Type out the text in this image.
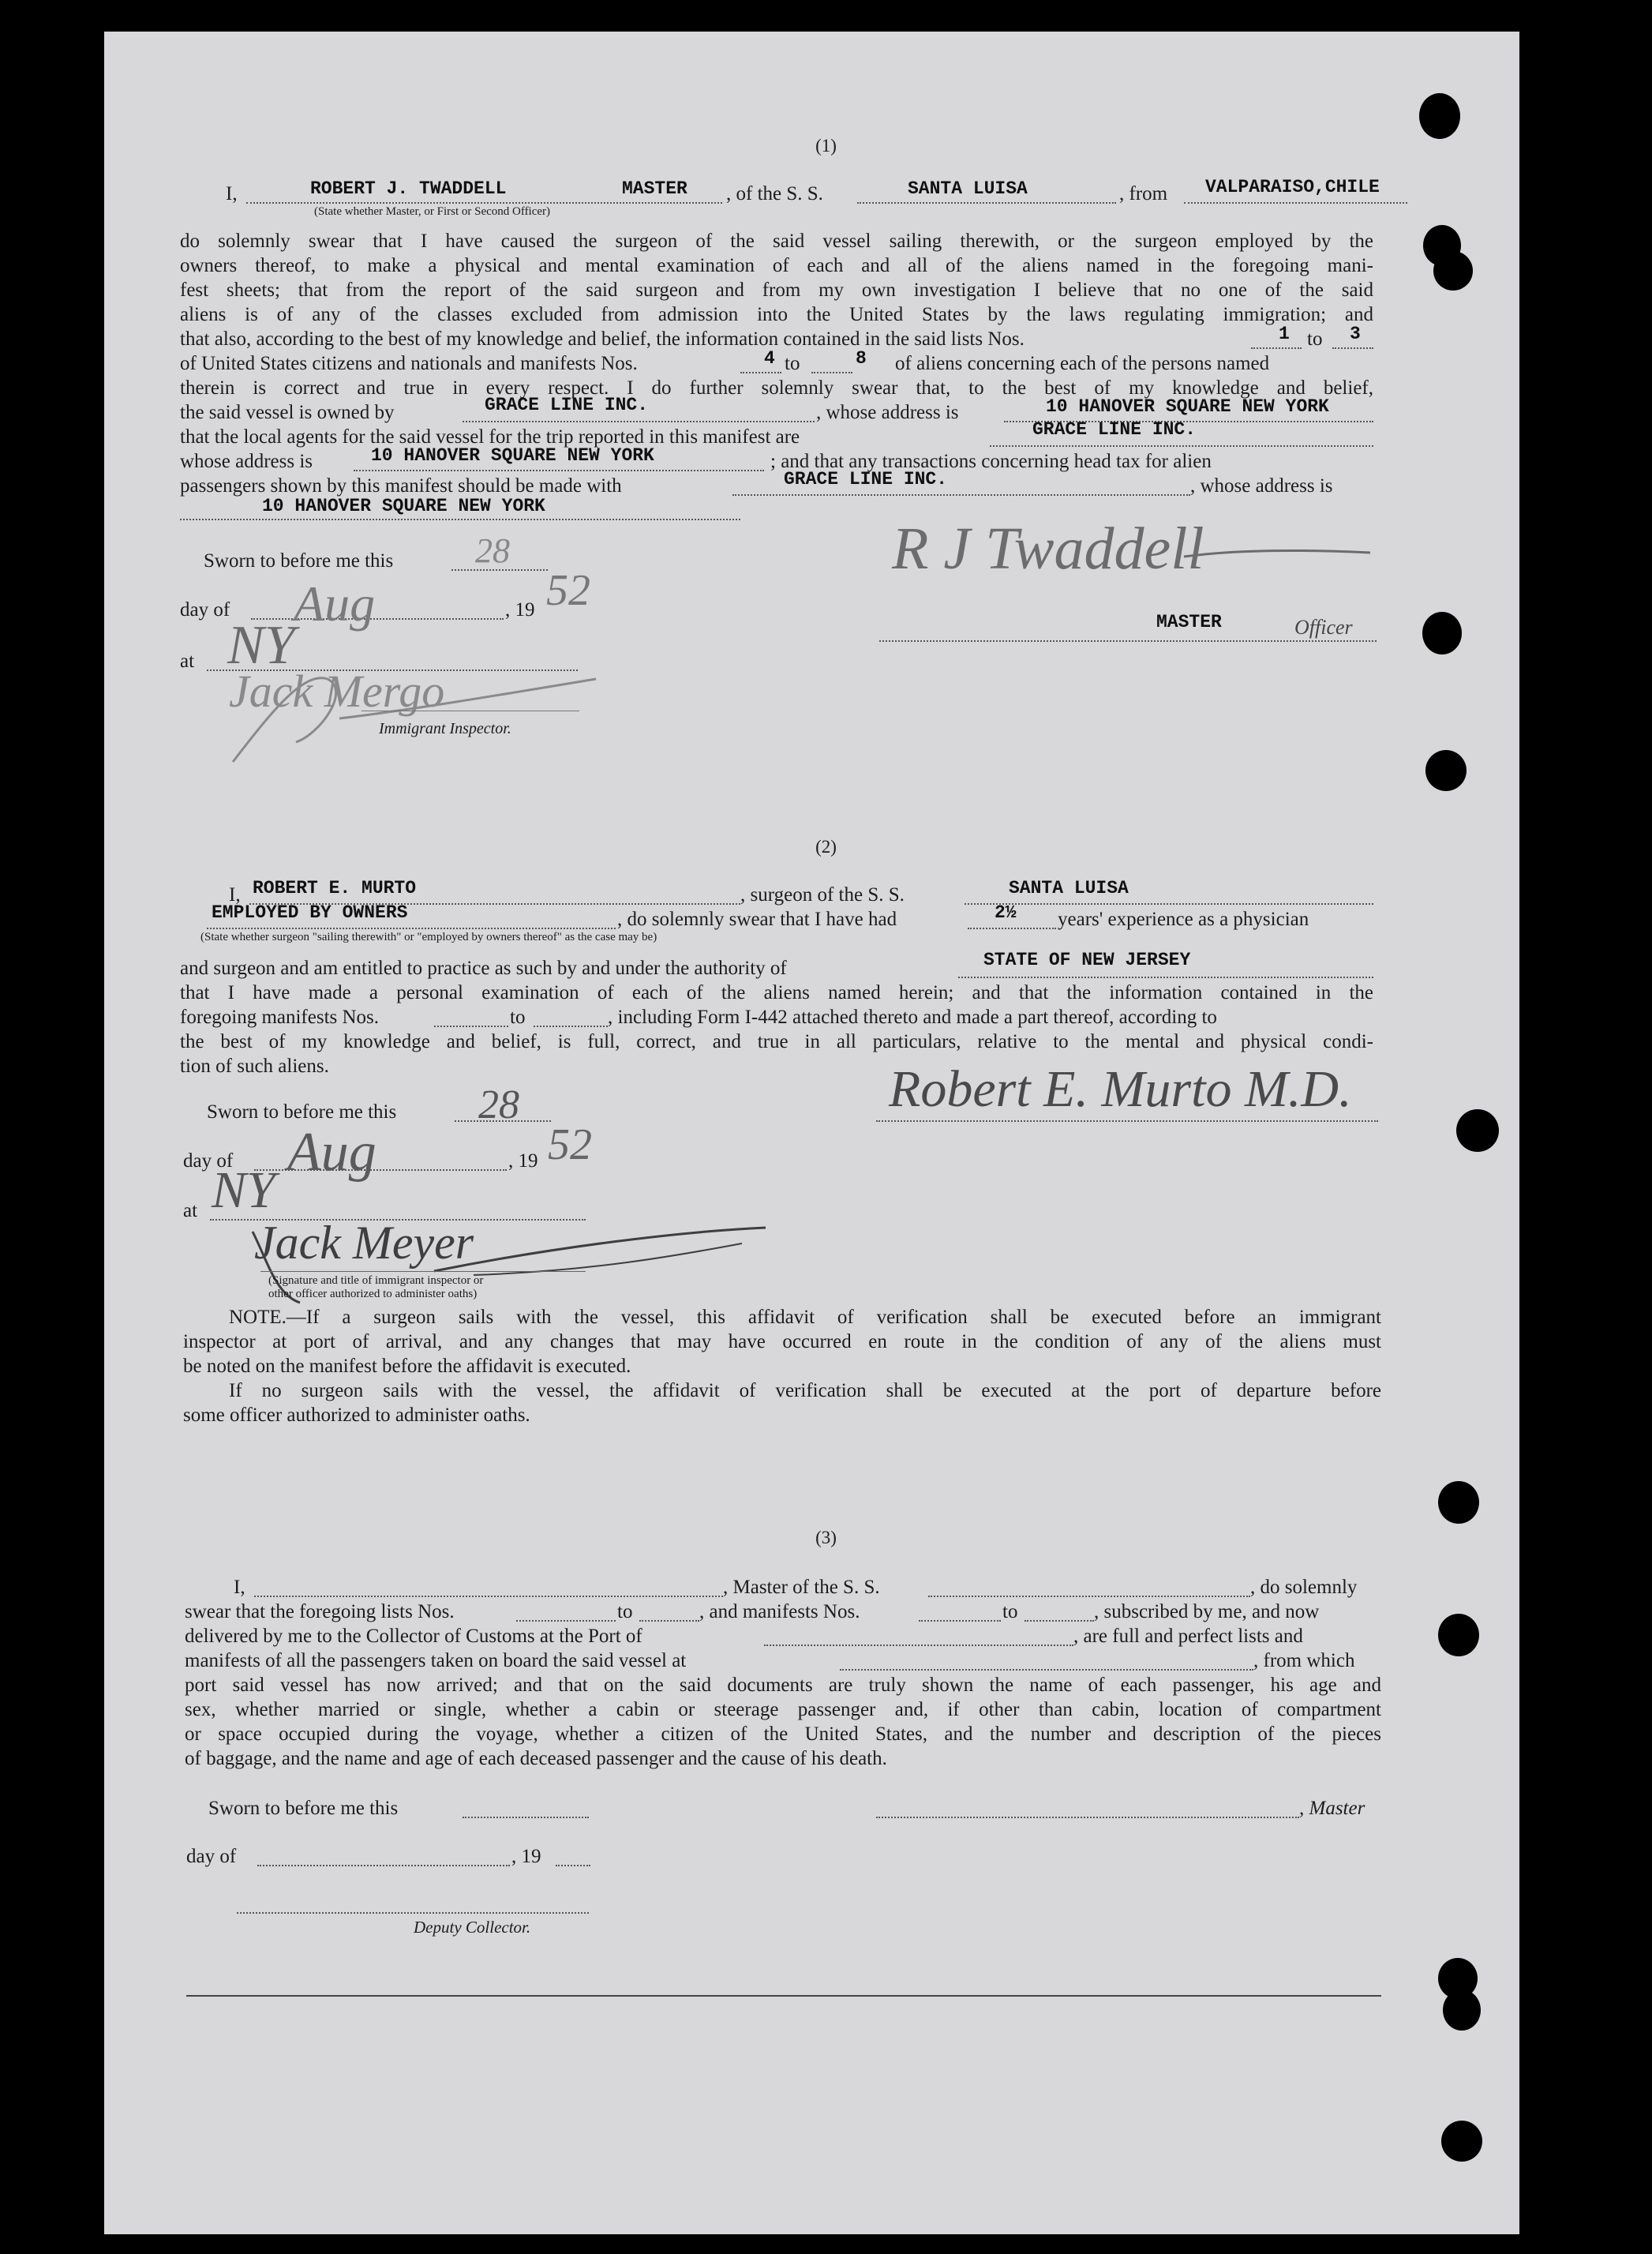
(1)
I,	ROBERT J. TWADDELL	MASTER , of the S. S.	SANTA LUISA	, from VALPARAISO,CHILE
(State whether Master, or First or Second Officer)
do solemnly swear that I have caused the surgeon of the said vessel sailing therewith, or the surgeon employed by the
owners thereof, to make a physical and mental examination of each and all of the aliens named in the foregoing mani-
fest sheets; that from the report of the said surgeon and from my own investigation I believe that no one of the said
aliens is of any of the classes excluded from admission into the United States by the laws regulating immigration; and
that also, according to the best of my knowledge and belief, the information contained in the said lists Nos.	1 to 3
of United States citizens and nationals and manifests Nos.	4 to	8 of aliens concerning each of the persons named
therein is correct and true in every respect. I do further solemnly swear that, to the best of my knowledge and belief,
the said vessel is owned by	GRACE LINE INC.	, whose address is	10 HANOVER SQUARE NEW YORK
that the local agents for the said vessel for the trip reported in this manifest are	GRACE LINE INC.
whose address is	10 HANOVER SQUARE NEW YORK	; and that any transactions concerning head tax for alien
passengers shown by this manifest should be made with	GRACE LINE INC.	, whose address is
10 HANOVER SQUARE NEW YORK
Sworn to before me this 28
day of Aug	, 19 52
at NY
Jack Mergo
Immigrant Inspector.
R J Twaddell
MASTER	Officer
(2)
I, ROBERT E. MURTO	, surgeon of the S. S.	SANTA LUISA
EMPLOYED BY OWNERS	, do solemnly swear that I have had	2½ years' experience as a physician
(State whether surgeon "sailing therewith" or "employed by owners thereof" as the case may be)
and surgeon and am entitled to practice as such by and under the authority of	STATE OF NEW JERSEY
that I have made a personal examination of each of the aliens named herein; and that the information contained in the
foregoing manifests Nos.	to	, including Form I-442 attached thereto and made a part thereof, according to
the best of my knowledge and belief, is full, correct, and true in all particulars, relative to the mental and physical condi-
tion of such aliens.
Sworn to before me this 28
day of Aug	, 19 52
at NY
Jack Meyer
(Signature and title of immigrant inspector or
other officer authorized to administer oaths)
Robert E. Murto M.D.
NOTE.—If a surgeon sails with the vessel, this affidavit of verification shall be executed before an immigrant
inspector at port of arrival, and any changes that may have occurred en route in the condition of any of the aliens must
be noted on the manifest before the affidavit is executed.
If no surgeon sails with the vessel, the affidavit of verification shall be executed at the port of departure before
some officer authorized to administer oaths.
(3)
I,	, Master of the S. S.	, do solemnly
swear that the foregoing lists Nos.	to	, and manifests Nos.	to	, subscribed by me, and now
delivered by me to the Collector of Customs at the Port of	, are full and perfect lists and
manifests of all the passengers taken on board the said vessel at	, from which
port said vessel has now arrived; and that on the said documents are truly shown the name of each passenger, his age and
sex, whether married or single, whether a cabin or steerage passenger and, if other than cabin, location of compartment
or space occupied during the voyage, whether a citizen of the United States, and the number and description of the pieces
of baggage, and the name and age of each deceased passenger and the cause of his death.
Sworn to before me this	, Master
day of	, 19
Deputy Collector.
